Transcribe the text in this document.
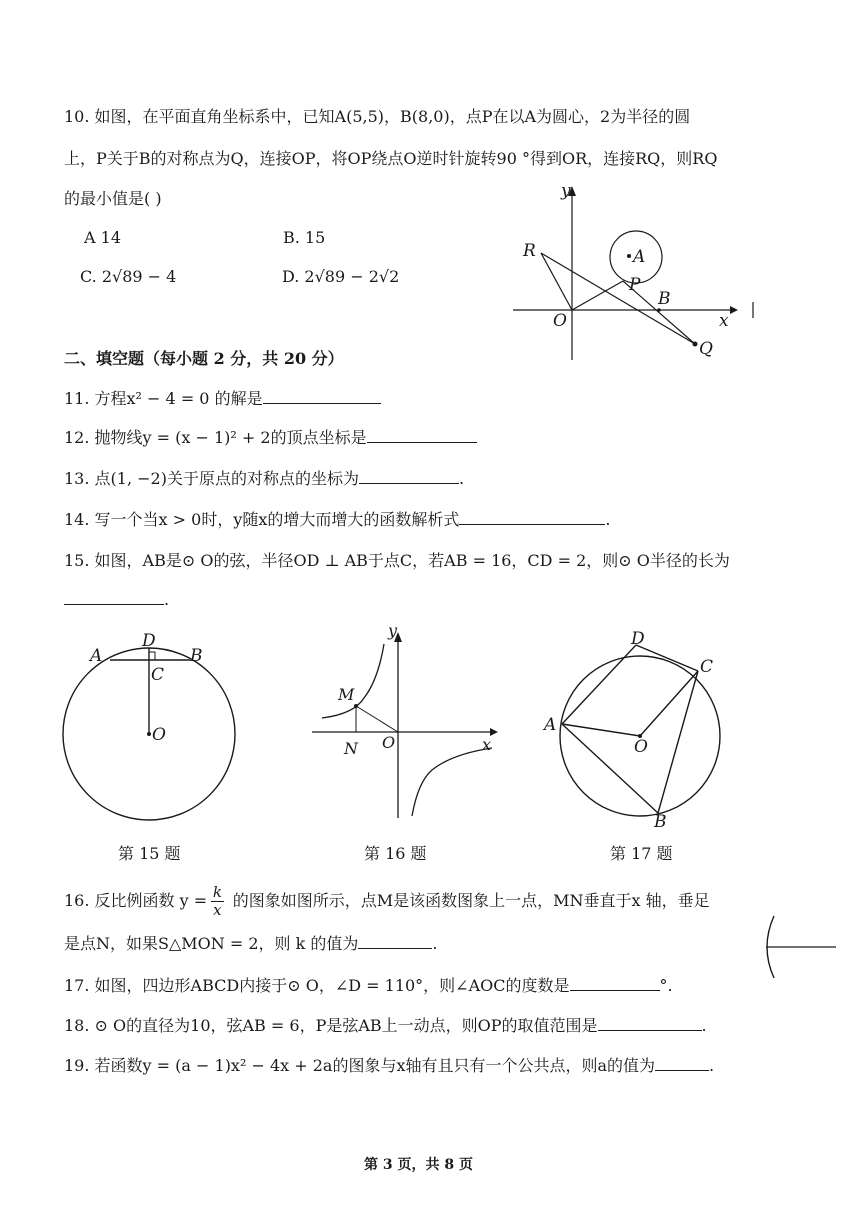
10. 如图，在平面直角坐标系中，已知A(5,5)，B(8,0)，点P在以A为圆心，2为半径的圆
上，P关于B的对称点为Q，连接OP，将OP绕点O逆时针旋转90 °得到OR，连接RQ，则RQ
的最小值是( )
A 14	B. 15
C. 2√89 − 4	D. 2√89 − 2√2
y
x
O
A
B
P
Q
R
二、填空题（每小题 2 分，共 20 分）
11. 方程x² − 4 = 0 的解是
12. 抛物线y = (x − 1)² + 2的顶点坐标是
13. 点(1, −2)关于原点的对称点的坐标为	.
14. 写一个当x > 0时，y随x的增大而增大的函数解析式	.
15. 如图，AB是⊙ O的弦，半径OD ⊥ AB于点C，若AB = 16，CD = 2，则⊙ O半径的长为
.
A	B
D
C
O
第 15 题
y
x
M
N O
第 16 题
A
D
C
B
O
第 17 题
16. 反比例函数 $y = \frac{k}{x}$ 的图象如图所示，点M是该函数图象上一点，MN垂直于x 轴，垂足
是点N，如果S△MON = 2，则 k 的值为	.
17. 如图，四边形ABCD内接于⊙ O，∠D = 110°，则∠AOC的度数是	°.
18. ⊙ O的直径为10，弦AB = 6，P是弦AB上一动点，则OP的取值范围是	.
19. 若函数y = (a − 1)x² − 4x + 2a的图象与x轴有且只有一个公共点，则a的值为	.
第 3 页，共 8 页
